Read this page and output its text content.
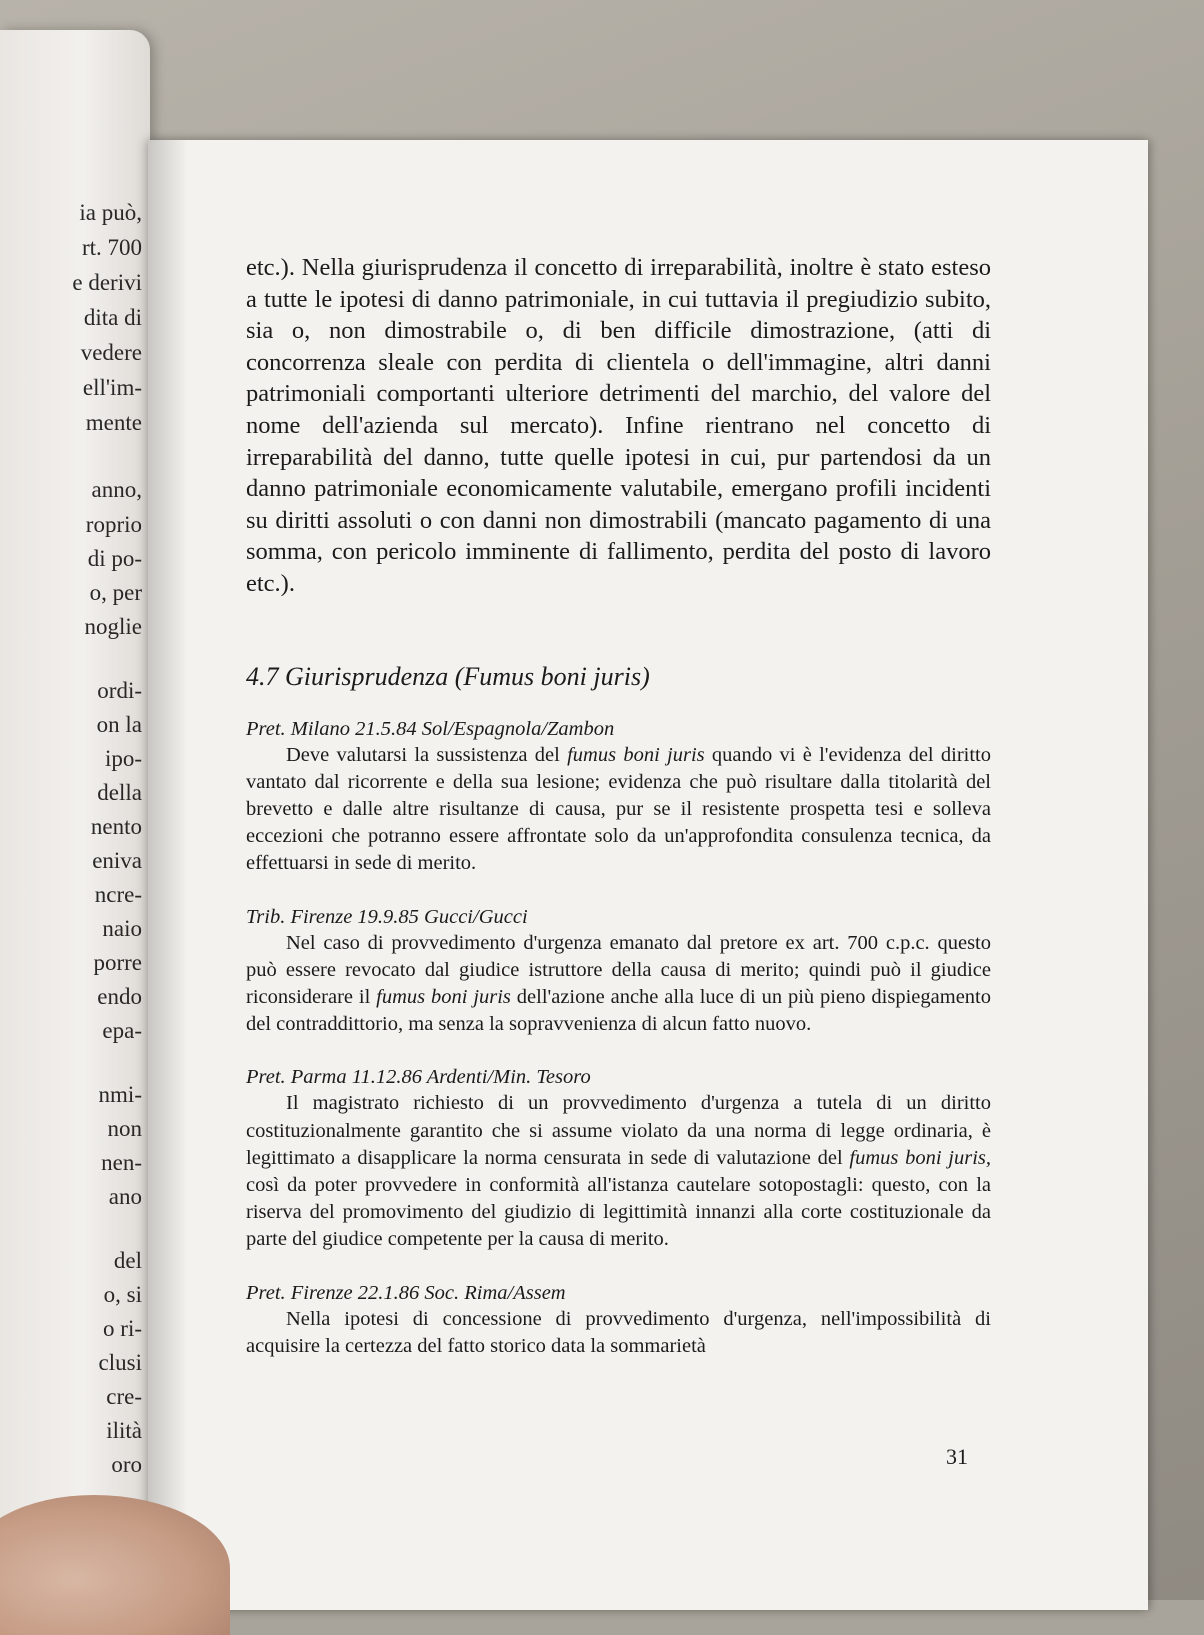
ia può,
rt. 700
e derivi
dita di
vedere
ell'im-
mente
anno,
roprio
di po-
o, per
noglie
ordi-
on la
ipo-
della
nento
eniva
ncre-
naio
porre
endo
epa-
nmi-
non
nen-
ano
del
o, si
o ri-
clusi
cre-
ilità
oro

etc.). Nella giurisprudenza il concetto di irreparabilità, inoltre è stato esteso a tutte le ipotesi di danno patrimoniale, in cui tuttavia il pregiudizio subito, sia o, non dimostrabile o, di ben difficile dimostrazione, (atti di concorrenza sleale con perdita di clientela o dell'immagine, altri danni patrimoniali comportanti ulteriore detrimenti del marchio, del valore del nome dell'azienda sul mercato). Infine rientrano nel concetto di irreparabilità del danno, tutte quelle ipotesi in cui, pur partendosi da un danno patrimoniale economicamente valutabile, emergano profili incidenti su diritti assoluti o con danni non dimostrabili (mancato pagamento di una somma, con pericolo imminente di fallimento, perdita del posto di lavoro etc.).

4.7 Giurisprudenza (Fumus boni juris)

Pret. Milano 21.5.84 Sol/Espagnola/Zambon

Deve valutarsi la sussistenza del fumus boni juris quando vi è l'evidenza del diritto vantato dal ricorrente e della sua lesione; evidenza che può risultare dalla titolarità del brevetto e dalle altre risultanze di causa, pur se il resistente prospetta tesi e solleva eccezioni che potranno essere affrontate solo da un'approfondita consulenza tecnica, da effettuarsi in sede di merito.

Trib. Firenze 19.9.85 Gucci/Gucci

Nel caso di provvedimento d'urgenza emanato dal pretore ex art. 700 c.p.c. questo può essere revocato dal giudice istruttore della causa di merito; quindi può il giudice riconsiderare il fumus boni juris dell'azione anche alla luce di un più pieno dispiegamento del contraddittorio, ma senza la sopravvenienza di alcun fatto nuovo.

Pret. Parma 11.12.86 Ardenti/Min. Tesoro

Il magistrato richiesto di un provvedimento d'urgenza a tutela di un diritto costituzionalmente garantito che si assume violato da una norma di legge ordinaria, è legittimato a disapplicare la norma censurata in sede di valutazione del fumus boni juris, così da poter provvedere in conformità all'istanza cautelare sotopostagli: questo, con la riserva del promovimento del giudizio di legittimità innanzi alla corte costituzionale da parte del giudice competente per la causa di merito.

Pret. Firenze 22.1.86 Soc. Rima/Assem

Nella ipotesi di concessione di provvedimento d'urgenza, nell'impossibilità di acquisire la certezza del fatto storico data la sommarietà

31
